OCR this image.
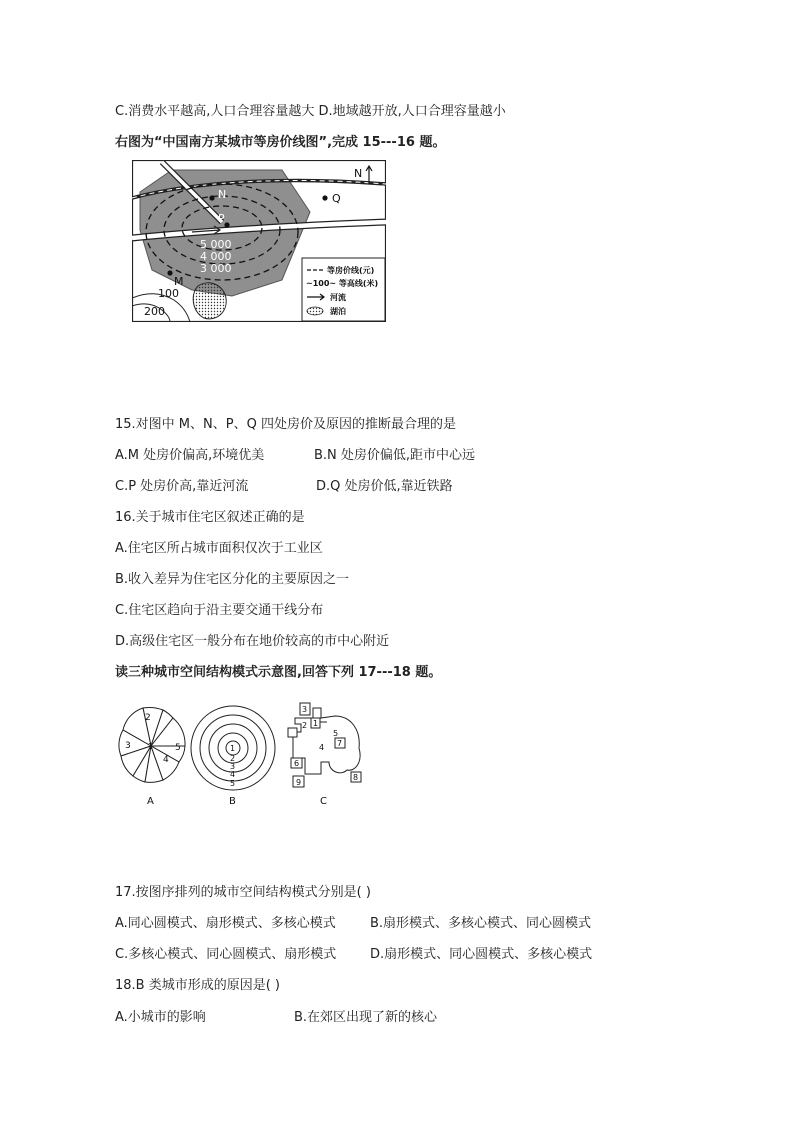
C.消费水平越高,人口合理容量越大 D.地域越开放,人口合理容量越小
右图为“中国南方某城市等房价线图”,完成 15---16 题。
5 000
4 000
3 000
N
P
Q
M
N
100
200
等房价线(元)
~100~ 等高线(米)
河流
湖泊
15.对图中 M、N、P、Q 四处房价及原因的推断最合理的是
A.M 处房价偏高,环境优美	B.N 处房价偏低,距市中心远
C.P 处房价高,靠近河流	D.Q 处房价低,靠近铁路
16.关于城市住宅区叙述正确的是
A.住宅区所占城市面积仅次于工业区
B.收入差异为住宅区分化的主要原因之一
C.住宅区趋向于沿主要交通干线分布
D.高级住宅区一般分布在地价较高的市中心附近
读三种城市空间结构模式示意图,回答下列 17---18 题。
1
2
3
4
5
A
1
2
3
4
5
B
1
2
3
4
5
6
7
8
9
C
17.按图序排列的城市空间结构模式分别是( )
A.同心圆模式、扇形模式、多核心模式	B.扇形模式、多核心模式、同心圆模式
C.多核心模式、同心圆模式、扇形模式	D.扇形模式、同心圆模式、多核心模式
18.B 类城市形成的原因是( )
A.小城市的影响	B.在郊区出现了新的核心
